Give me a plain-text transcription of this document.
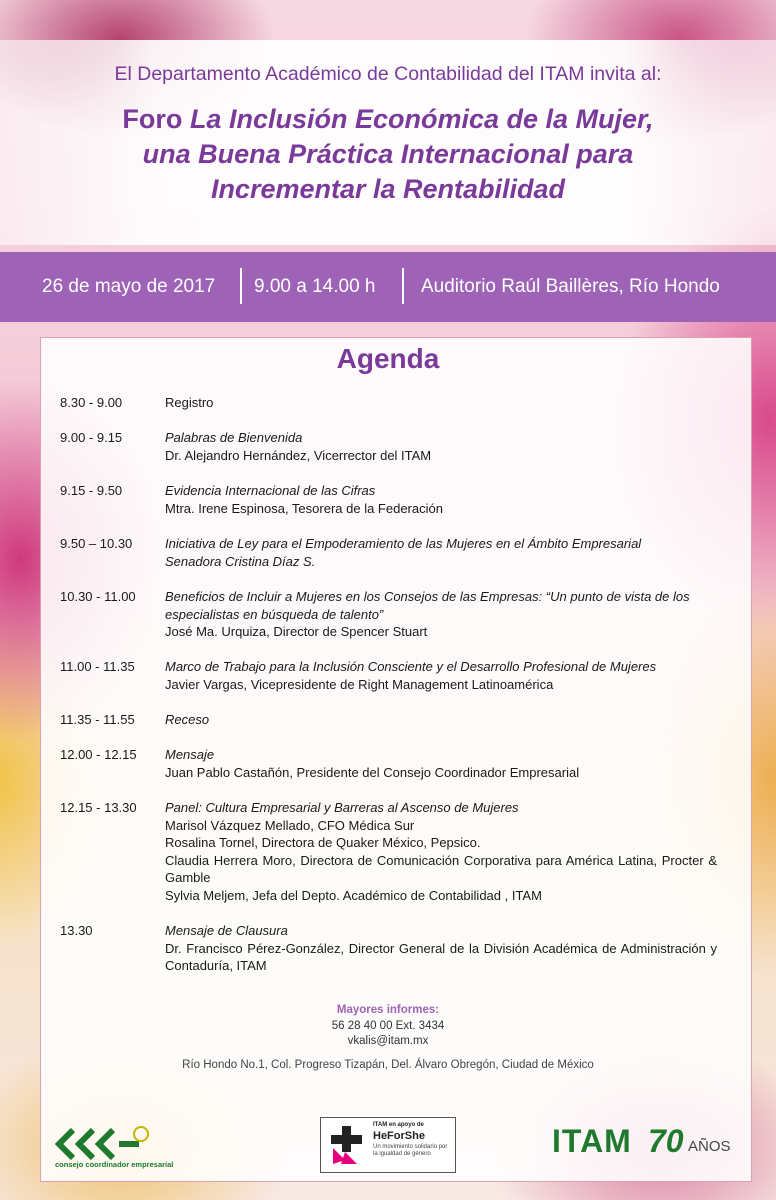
El Departamento Académico de Contabilidad del ITAM invita al:
Foro La Inclusión Económica de la Mujer,
una Buena Práctica Internacional para
Incrementar la Rentabilidad
26 de mayo de 2017 9.00 a 14.00 h Auditorio Raúl Baillères, Río Hondo
Agenda
8.30 - 9.00	Registro
9.00 - 9.15	Palabras de Bienvenida
Dr. Alejandro Hernández, Vicerrector del ITAM
9.15 - 9.50	Evidencia Internacional de las Cifras
Mtra. Irene Espinosa, Tesorera de la Federación
9.50 – 10.30	Iniciativa de Ley para el Empoderamiento de las Mujeres en el Ámbito Empresarial
Senadora Cristina Díaz S.
10.30 - 11.00 Beneficios de Incluir a Mujeres en los Consejos de las Empresas: “Un punto de vista de los especialistas en búsqueda de talento”
José Ma. Urquiza, Director de Spencer Stuart
11.00 - 11.35 Marco de Trabajo para la Inclusión Consciente y el Desarrollo Profesional de Mujeres
Javier Vargas, Vicepresidente de Right Management Latinoamérica
11.35 - 11.55 Receso
12.00 - 12.15 Mensaje
Juan Pablo Castañón, Presidente del Consejo Coordinador Empresarial
12.15 - 13.30 Panel: Cultura Empresarial y Barreras al Ascenso de Mujeres
Marisol Vázquez Mellado, CFO Médica Sur
Rosalina Tornel, Directora de Quaker México, Pepsico.
Claudia Herrera Moro, Directora de Comunicación Corporativa para América Latina, Procter & Gamble
Sylvia Meljem, Jefa del Depto. Académico de Contabilidad , ITAM
13.30	Mensaje de Clausura
Dr. Francisco Pérez-González, Director General de la División Académica de Administración y Contaduría, ITAM
Mayores informes:
56 28 40 00 Ext. 3434
vkalis@itam.mx
Río Hondo No.1, Col. Progreso Tizapán, Del. Álvaro Obregón, Ciudad de México
consejo coordinador empresarial
ITAM en apoyo de
HeForShe
Un movimiento solidario por la igualdad de género	ITAM 70 AÑOS
